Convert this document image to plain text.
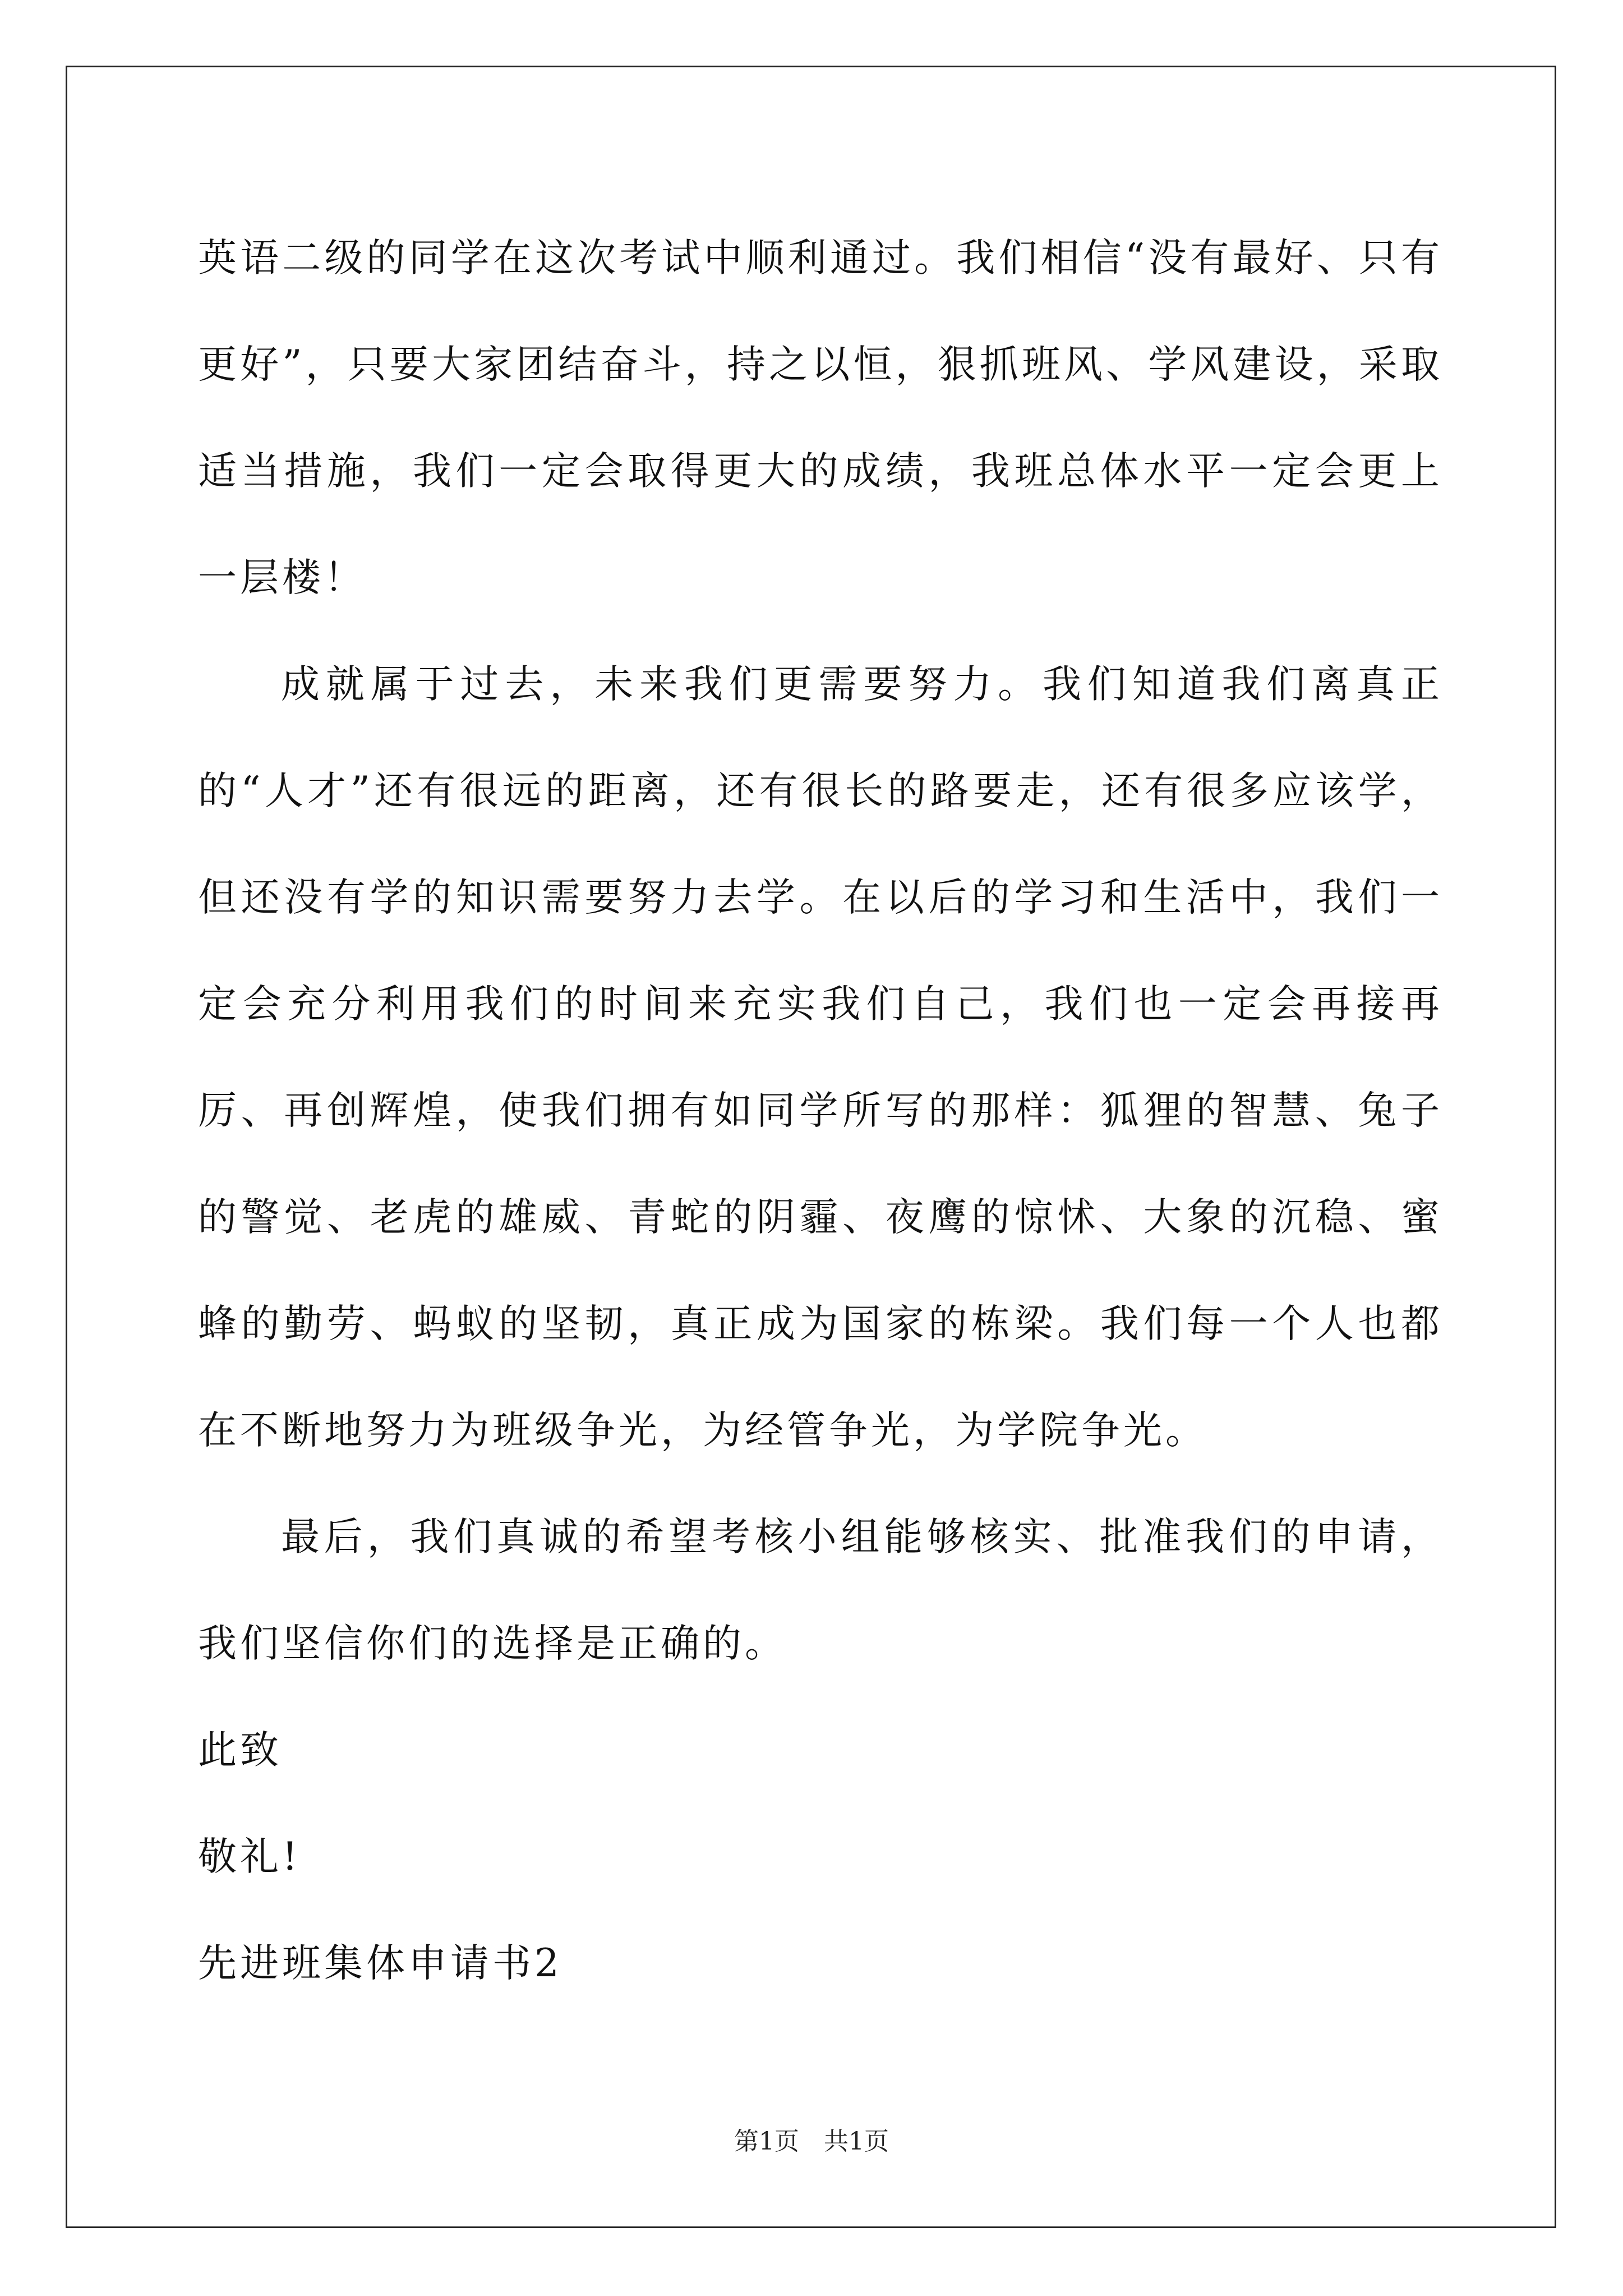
英语二级的同学在这次考试中顺利通过。我们相信“没有最好、只有更好”，只要大家团结奋斗，持之以恒，狠抓班风、学风建设，采取适当措施，我们一定会取得更大的成绩，我班总体水平一定会更上一层楼！

成就属于过去，未来我们更需要努力。我们知道我们离真正的“人才”还有很远的距离，还有很长的路要走，还有很多应该学，但还没有学的知识需要努力去学。在以后的学习和生活中，我们一定会充分利用我们的时间来充实我们自己，我们也一定会再接再厉、再创辉煌，使我们拥有如同学所写的那样：狐狸的智慧、兔子的警觉、老虎的雄威、青蛇的阴霾、夜鹰的惊怵、大象的沉稳、蜜蜂的勤劳、蚂蚁的坚韧，真正成为国家的栋梁。我们每一个人也都在不断地努力为班级争光，为经管争光，为学院争光。

最后，我们真诚的希望考核小组能够核实、批准我们的申请，我们坚信你们的选择是正确的。

此致

敬礼!

先进班集体申请书2

第1页　共1页
